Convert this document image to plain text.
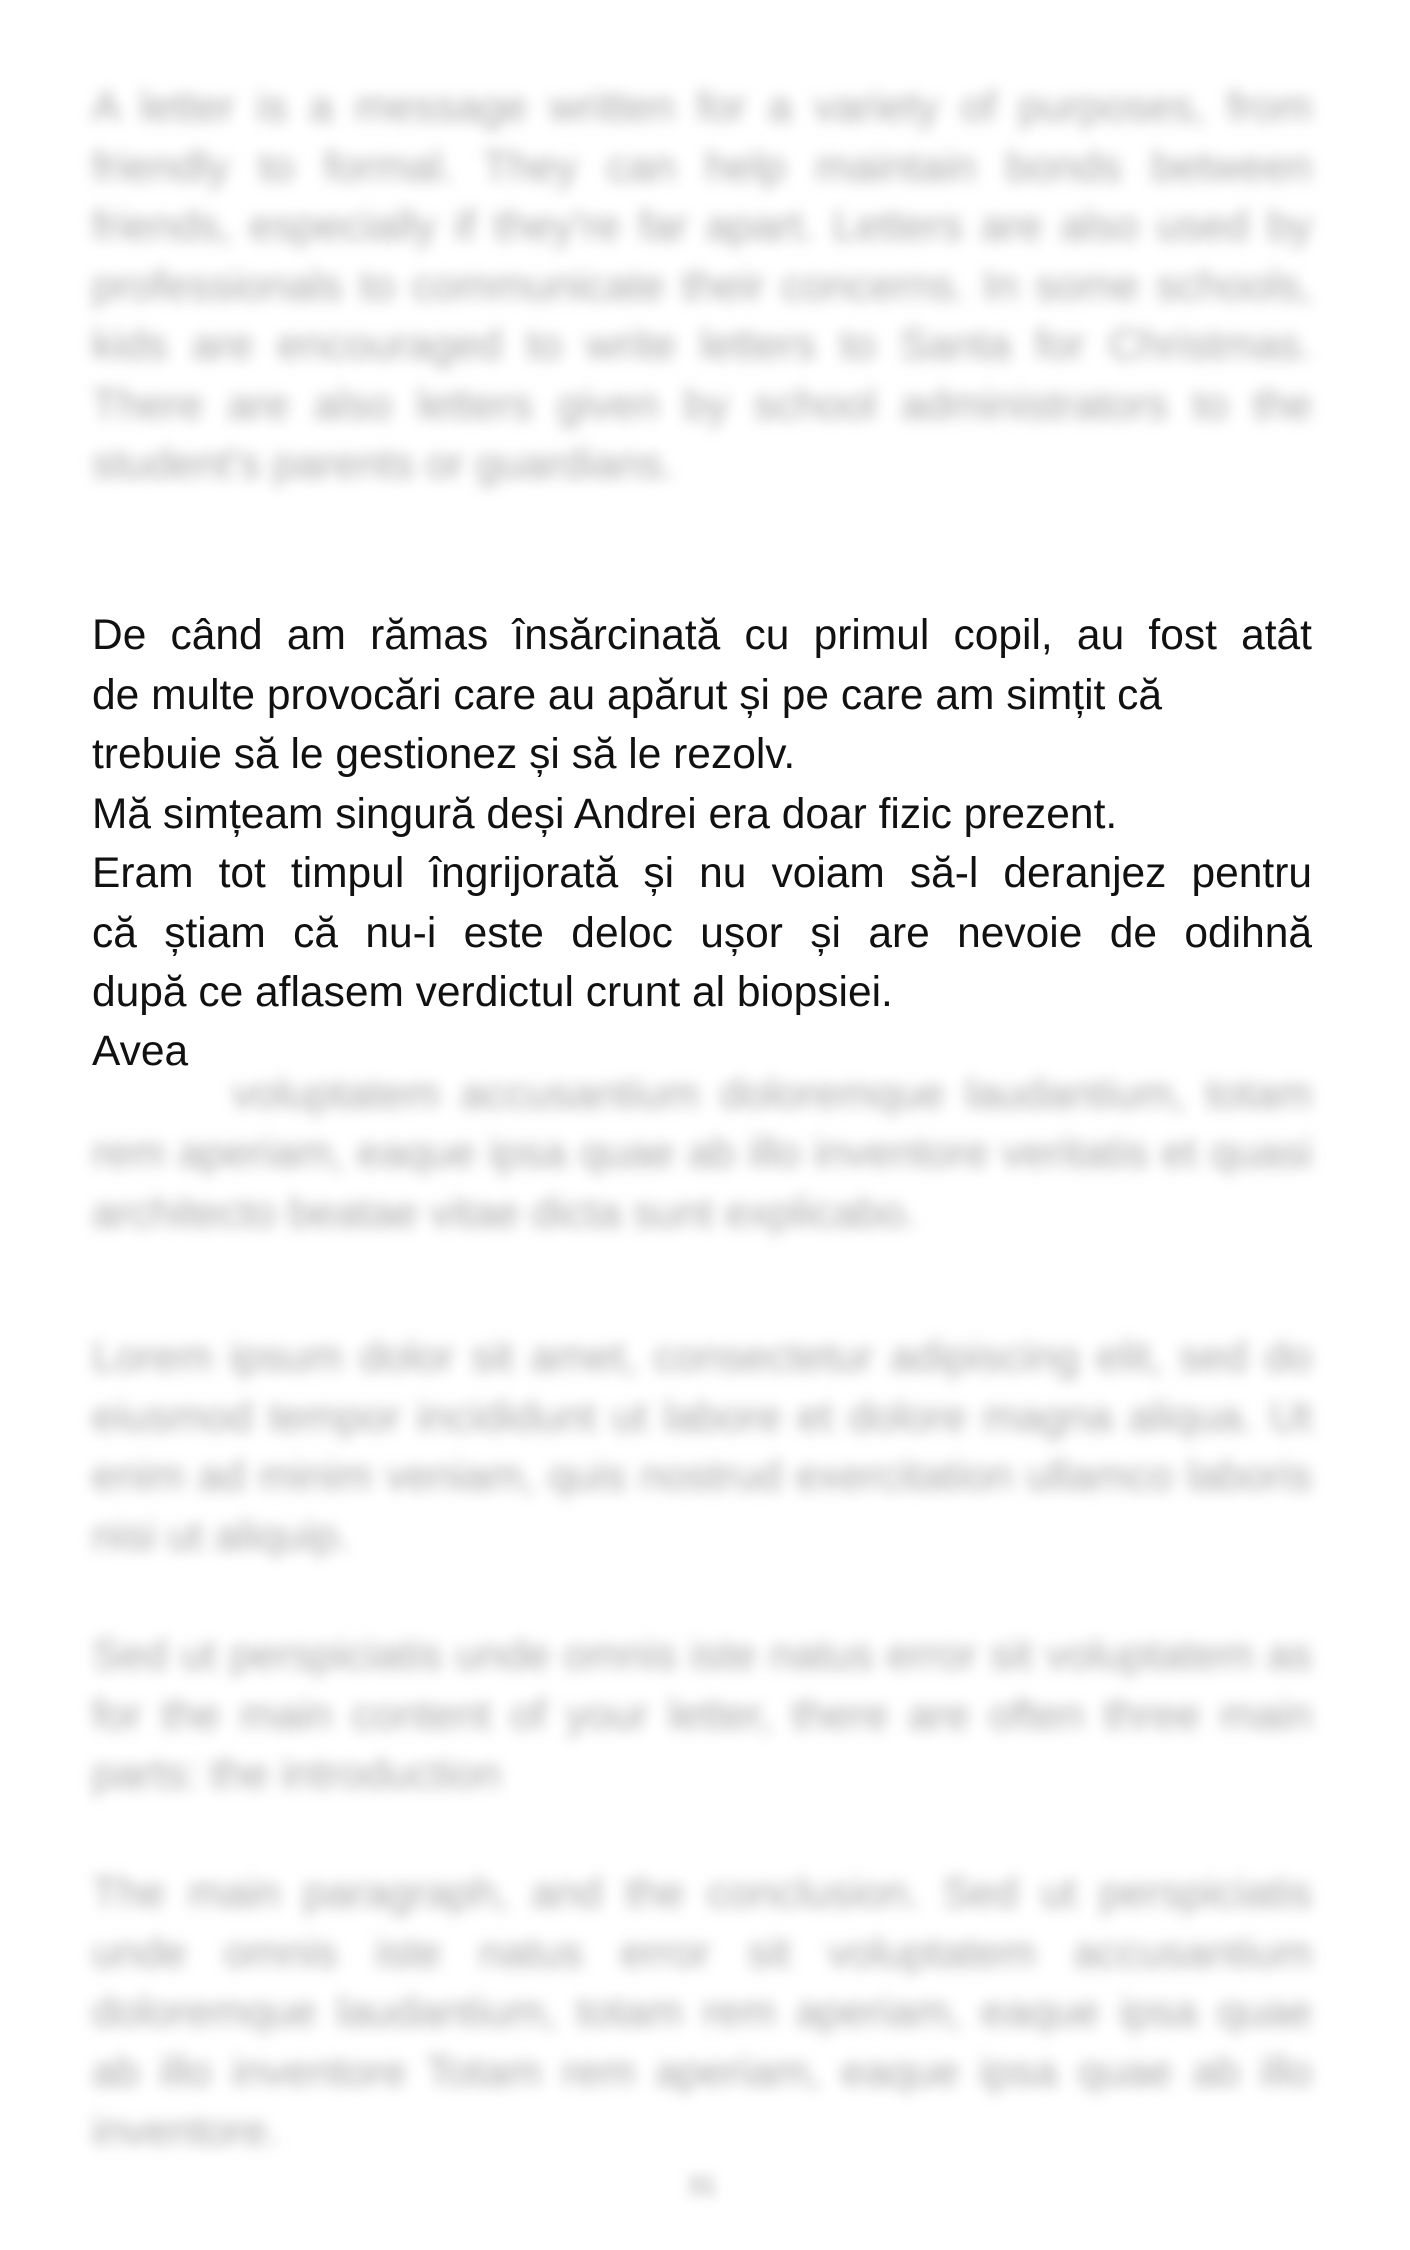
A letter is a message written for a variety of purposes, from friendly to formal. They can help maintain bonds between friends, especially if they're far apart. Letters are also used by professionals to communicate their concerns. In some schools, kids are encouraged to write letters to Santa for Christmas. There are also letters given by school administrators to the student's parents or guardians.

De când am rămas însărcinată cu primul copil, au fost atât
de multe provocări care au apărut și pe care am simțit că
trebuie să le gestionez și să le rezolv.
Mă simțeam singură deși Andrei era doar fizic prezent.
Eram tot timpul îngrijorată și nu voiam să-l deranjez pentru
că știam că nu-i este deloc ușor și are nevoie de odihnă
după ce aflasem verdictul crunt al biopsiei.
Avea

voluptatem accusantium doloremque laudantium, totam rem aperiam, eaque ipsa quae ab illo inventore veritatis et quasi architecto beatae vitae dicta sunt explicabo.

Lorem ipsum dolor sit amet, consectetur adipiscing elit, sed do eiusmod tempor incididunt ut labore et dolore magna aliqua. Ut enim ad minim veniam, quis nostrud exercitation ullamco laboris nisi ut aliquip.

Sed ut perspiciatis unde omnis iste natus error sit voluptatem as for the main content of your letter, there are often three main parts: the introduction

The main paragraph, and the conclusion. Sed ut perspiciatis unde omnis iste natus error sit voluptatem accusantium doloremque laudantium, totam rem aperiam, eaque ipsa quae ab illo inventore Totam rem aperiam, eaque ipsa quae ab illo inventore.

31
